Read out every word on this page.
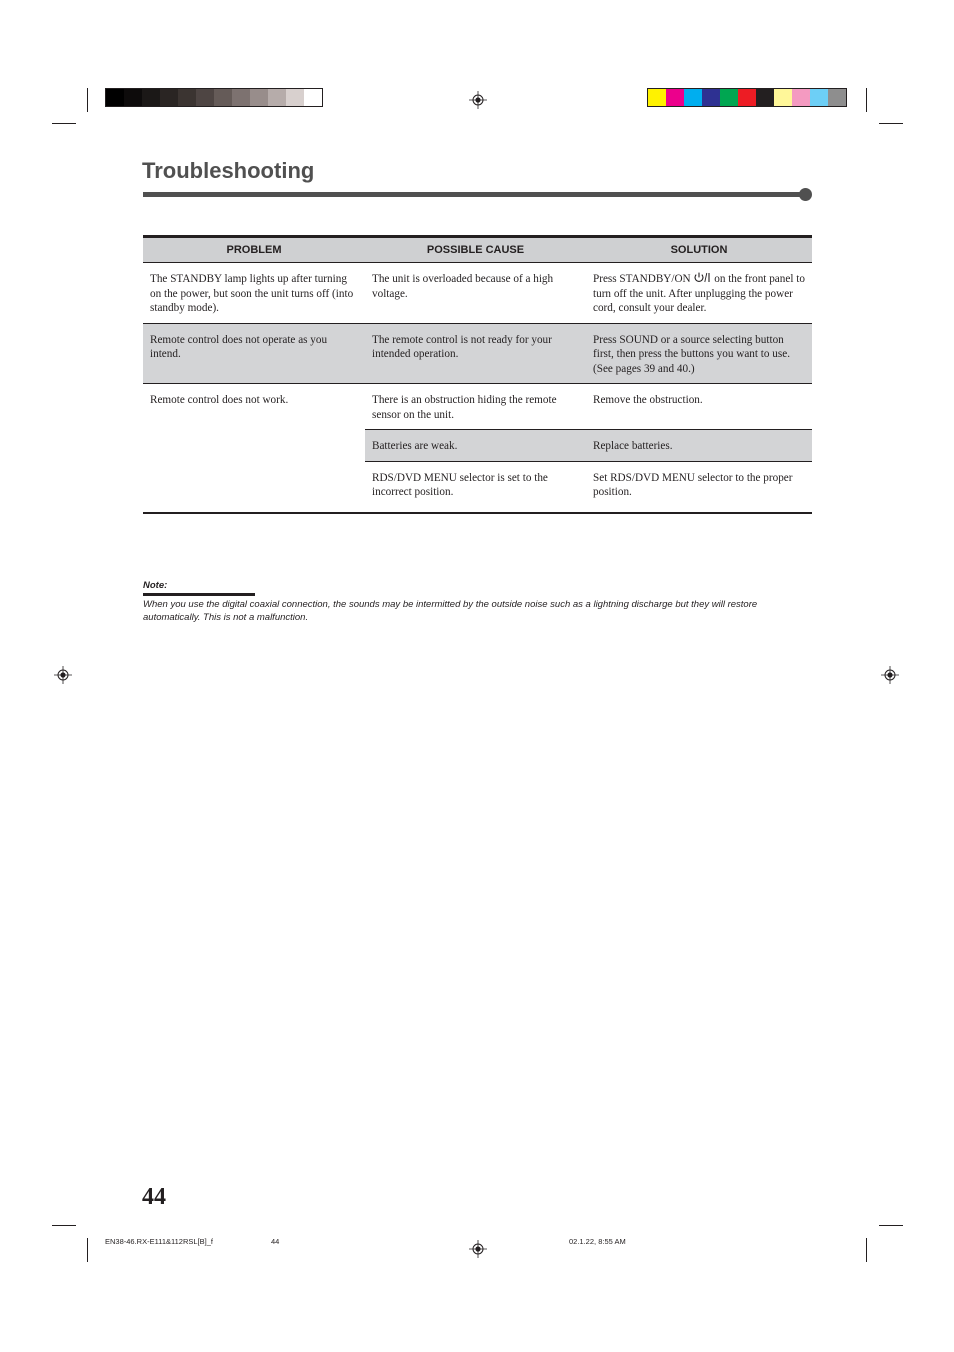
Troubleshooting
PROBLEM	POSSIBLE CAUSE	SOLUTION
The STANDBY lamp lights up after turning on the power, but soon the unit turns off (into standby mode).	The unit is overloaded because of a high voltage.	Press STANDBY/ON  on the front panel to turn off the unit. After unplugging the power cord, consult your dealer.
Remote control does not operate as you intend.	The remote control is not ready for your intended operation.	Press SOUND or a source selecting button first, then press the buttons you want to use. (See pages 39 and 40.)
Remote control does not work.	There is an obstruction hiding the remote sensor on the unit.	Remove the obstruction.
	Batteries are weak.	Replace batteries.
	RDS/DVD MENU selector is set to the incorrect position.	Set RDS/DVD MENU selector to the proper position.
Note:
When you use the digital coaxial connection, the sounds may be intermitted by the outside noise such as a lightning discharge but they will restore automatically. This is not a malfunction.
44
EN38-46.RX-E111&112RSL[B]_f	44	02.1.22, 8:55 AM
